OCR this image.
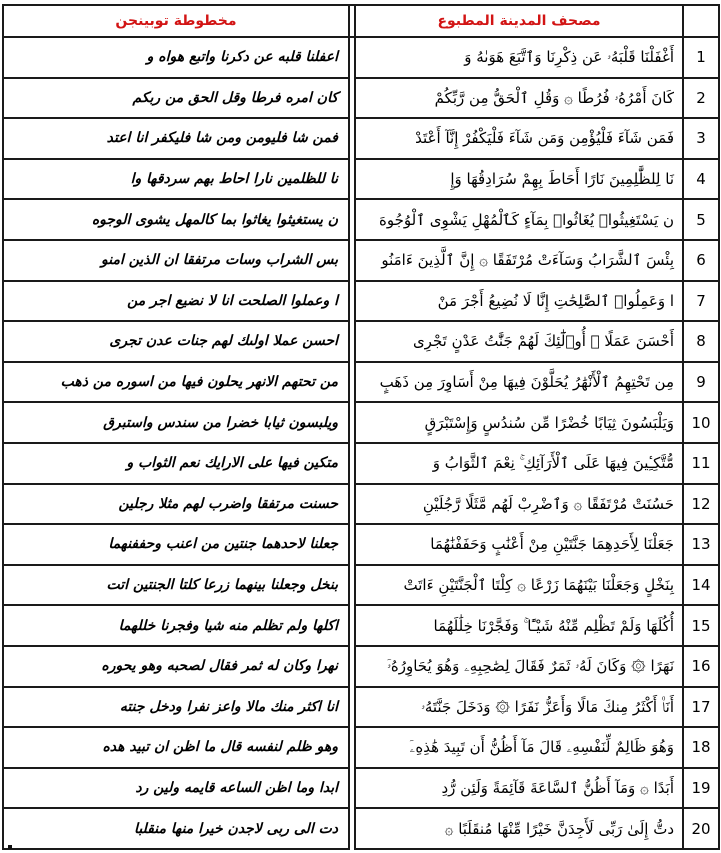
مخطوطة توبينجن		مصحف المدينة المطبوع	
اعفلنا قلبه عن دكرنا واتبع هواه و		أَغْفَلْنَا قَلْبَهُۥ عَن ذِكْرِنَا وَٱتَّبَعَ هَوَىٰهُ وَ	1
كان امره فرطا وقل الحق من ربكم		كَانَ أَمْرُهُۥ فُرُطًا ۞ وَقُلِ ٱلْحَقُّ مِن رَّبِّكُمْ	2
فمن شا فليومن ومن شا فليكفر انا اعتد		فَمَن شَآءَ فَلْيُؤْمِن وَمَن شَآءَ فَلْيَكْفُرْ إِنَّآ أَعْتَدْ	3
نا للظلمين نارا احاط بهم سردقها وا		نَا لِلظَّٰلِمِينَ نَارًا أَحَاطَ بِهِمْ سُرَادِقُهَا وَإِ	4
ن يستغيثوا يغاثوا بما كالمهل يشوى الوجوه		ن يَسْتَغِيثُوا۟ يُغَاثُوا۟ بِمَآءٍ كَٱلْمُهْلِ يَشْوِى ٱلْوُجُوهَ	5
بس الشراب وسات مرتفقا ان الذين امنو		بِئْسَ ٱلشَّرَابُ وَسَآءَتْ مُرْتَفَقًا ۞ إِنَّ ٱلَّذِينَ ءَامَنُو	6
ا وعملوا الصلحت انا لا نضيع اجر من		ا وَعَمِلُوا۟ ٱلصَّٰلِحَٰتِ إِنَّا لَا نُضِيعُ أَجْرَ مَنْ	7
احسن عملا اولىك لهم جنات عدن تجرى		أَحْسَنَ عَمَلًا ۞ أُو۟لَٰٓئِكَ لَهُمْ جَنَّٰتُ عَدْنٍ تَجْرِى	8
من تحتهم الانهر يحلون فيها من اسوره من ذهب		مِن تَحْتِهِمُ ٱلْأَنْهَٰرُ يُحَلَّوْنَ فِيهَا مِنْ أَسَاوِرَ مِن ذَهَبٍ	9
ويلبسون ثيابا خضرا من سندس واستبرق		وَيَلْبَسُونَ ثِيَابًا خُضْرًا مِّن سُندُسٍ وَإِسْتَبْرَقٍ	10
متكين فيها على الارايك نعم الثواب و		مُّتَّكِـِٔينَ فِيهَا عَلَى ٱلْأَرَآئِكِ ۚ نِعْمَ ٱلثَّوَابُ وَ	11
حسنت مرتفقا واضرب لهم مثلا رجلين		حَسُنَتْ مُرْتَفَقًا ۞ وَٱضْرِبْ لَهُم مَّثَلًا رَّجُلَيْنِ	12
جعلنا لاحدهما جنتين من اعنب وحففنهما		جَعَلْنَا لِأَحَدِهِمَا جَنَّتَيْنِ مِنْ أَعْنَٰبٍ وَحَفَفْنَٰهُمَا	13
بنخل وجعلنا بينهما زرعا كلتا الجنتين اتت		بِنَخْلٍ وَجَعَلْنَا بَيْنَهُمَا زَرْعًا ۞ كِلْتَا ٱلْجَنَّتَيْنِ ءَاتَتْ	14
اكلها ولم تظلم منه شيا وفجرنا خللهما		أُكُلَهَا وَلَمْ تَظْلِم مِّنْهُ شَيْـًٔا ۚ وَفَجَّرْنَا خِلَٰلَهُمَا	15
نهرا وكان له ثمر فقال لصحبه وهو يحوره		نَهَرًا ۞ وَكَانَ لَهُۥ ثَمَرٌ فَقَالَ لِصَٰحِبِهِۦ وَهُوَ يُحَاوِرُهُۥٓ	16
انا اكثر منك مالا واعز نفرا ودخل جنته		أَنَا۠ أَكْثَرُ مِنكَ مَالًا وَأَعَزُّ نَفَرًا ۞ وَدَخَلَ جَنَّتَهُۥ	17
وهو ظلم لنفسه قال ما اظن ان تبيد هده		وَهُوَ ظَالِمٌ لِّنَفْسِهِۦ قَالَ مَآ أَظُنُّ أَن تَبِيدَ هَٰذِهِۦٓ	18
ابدا وما اظن الساعه قايمه ولين رد		أَبَدًا ۞ وَمَآ أَظُنُّ ٱلسَّاعَةَ قَآئِمَةً وَلَئِن رُّدِ	19
دت الى ربى لاجدن خيرا منها منقلبا		دتُّ إِلَىٰ رَبِّى لَأَجِدَنَّ خَيْرًا مِّنْهَا مُنقَلَبًا ۞	20
